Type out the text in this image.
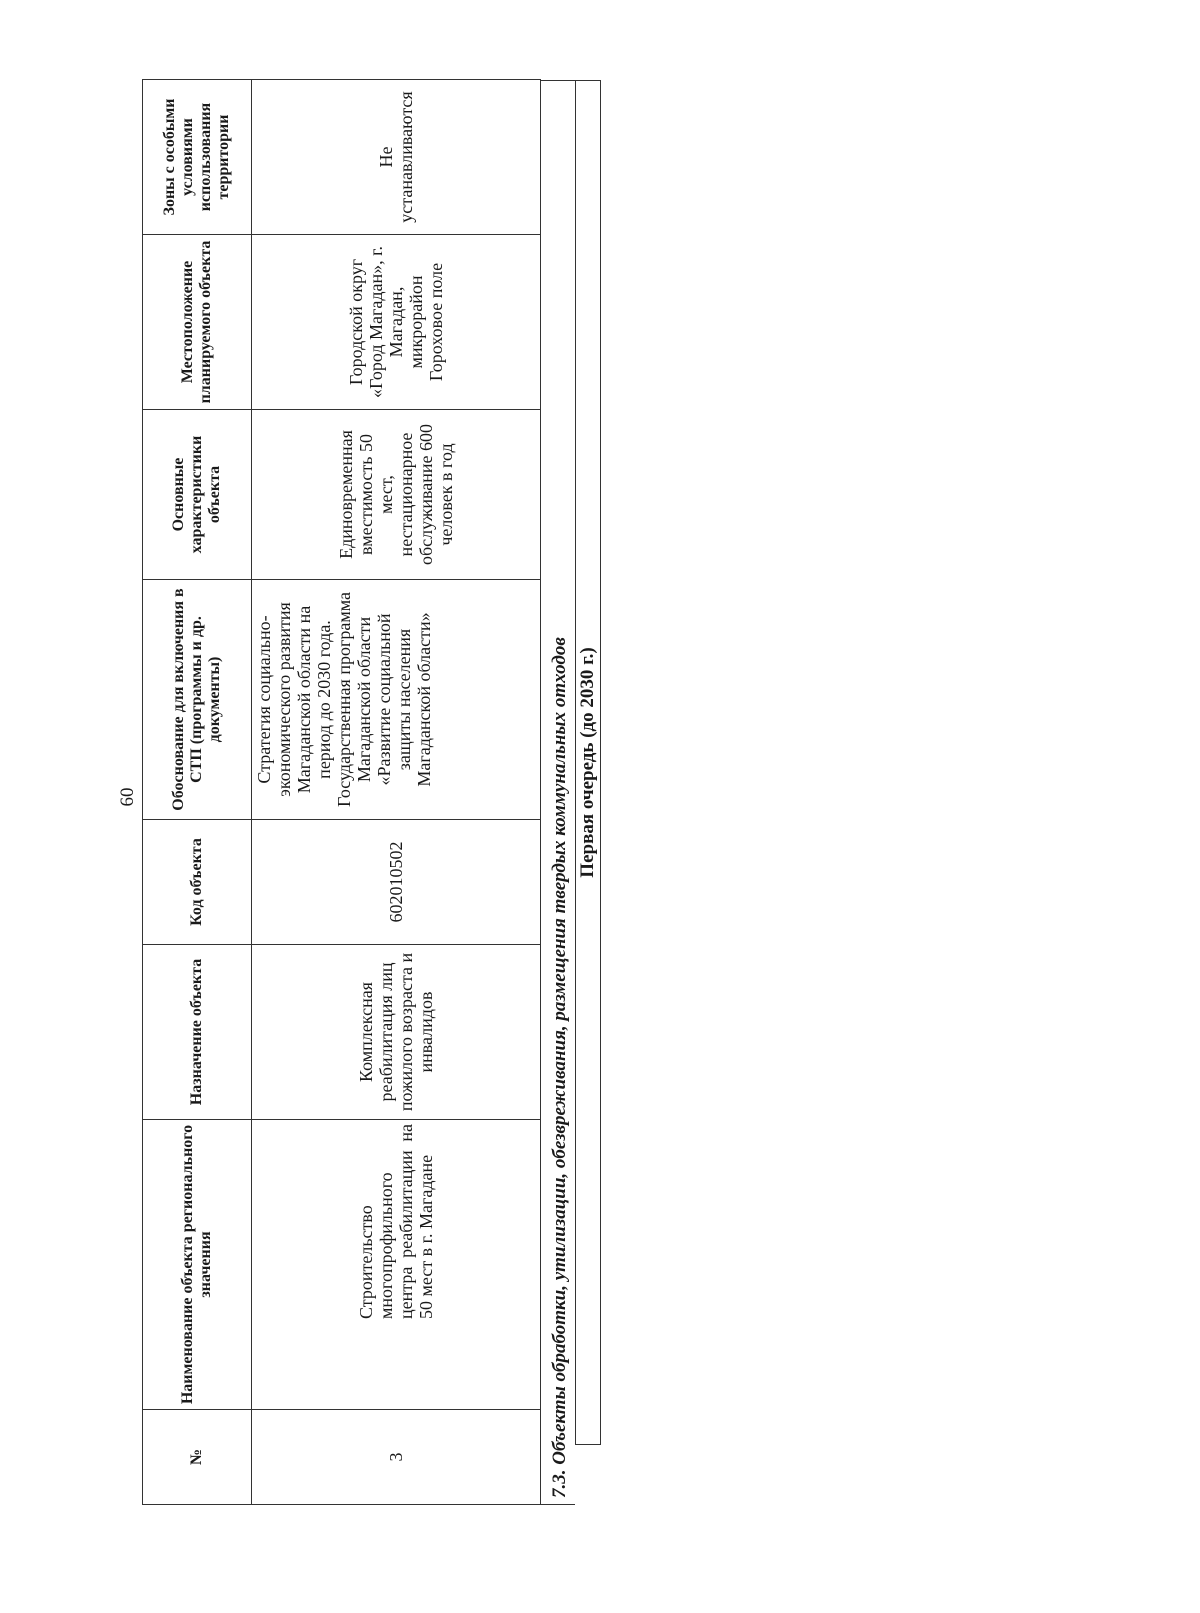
60
№	Наименование объекта регионального значения	Назначение объекта	Код объекта	Обоснование для включения в СТП (программы и др. документы)	Основные характеристики объекта	Местоположение планируемого объекта	Зоны с особыми условиями использования территории
3	Строительство многопрофильного центра реабилитации на 50 мест в г. Магадане	Комплексная реабилитация лиц пожилого возраста и инвалидов	602010502	Стратегия социально-экономического развития Магаданской области на период до 2030 года. Государственная программа Магаданской области «Развитие социальной защиты населения Магаданской области»	Единовременная вместимость 50 мест, нестационарное обслуживание 600 человек в год	Городской округ «Город Магадан», г. Магадан, микрорайон Гороховое поле	Не устанавливаются
7.3. Объекты обработки, утилизации, обезвреживания, размещения твердых коммунальных отходов Первая очередь (до 2030 г.)
